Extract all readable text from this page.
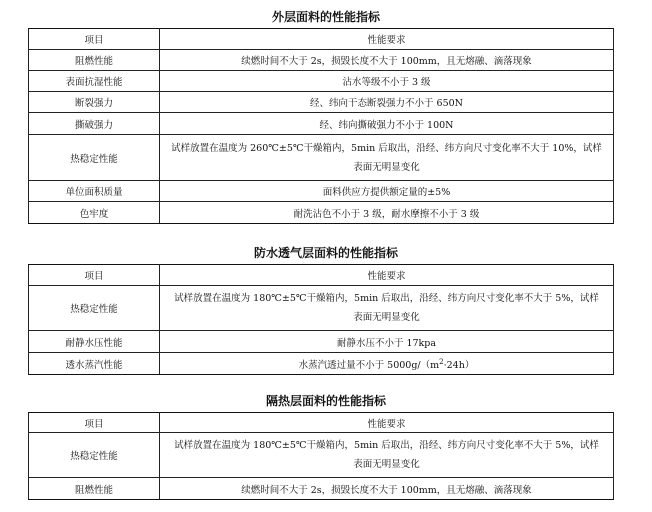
外层面料的性能指标
项目	性能要求
阻燃性能	续燃时间不大于 2s，损毁长度不大于 100mm，且无熔融、滴落现象
表面抗湿性能	沾水等级不小于 3 级
断裂强力	经、纬向干态断裂强力不小于 650N
撕破强力	经、纬向撕破强力不小于 100N
热稳定性能	试样放置在温度为 260℃±5℃干燥箱内，5min 后取出，沿经、纬方向尺寸变化率不大于 10%，试样
表面无明显变化

单位面积质量	面料供应方提供额定量的±5%
色牢度	耐洗沾色不小于 3 级，耐水摩擦不小于 3 级
防水透气层面料的性能指标
项目	性能要求
热稳定性能	试样放置在温度为 180℃±5℃干燥箱内，5min 后取出，沿经、纬方向尺寸变化率不大于 5%，试样
表面无明显变化

耐静水压性能	耐静水压不小于 17kpa
透水蒸汽性能	水蒸汽透过量不小于 $5000g/(m^2\cdot 24h)$
隔热层面料的性能指标
项目	性能要求
热稳定性能	试样放置在温度为 180℃±5℃干燥箱内，5min 后取出，沿经、纬方向尺寸变化率不大于 5%，试样
表面无明显变化

阻燃性能	续燃时间不大于 2s，损毁长度不大于 100mm，且无熔融、滴落现象
